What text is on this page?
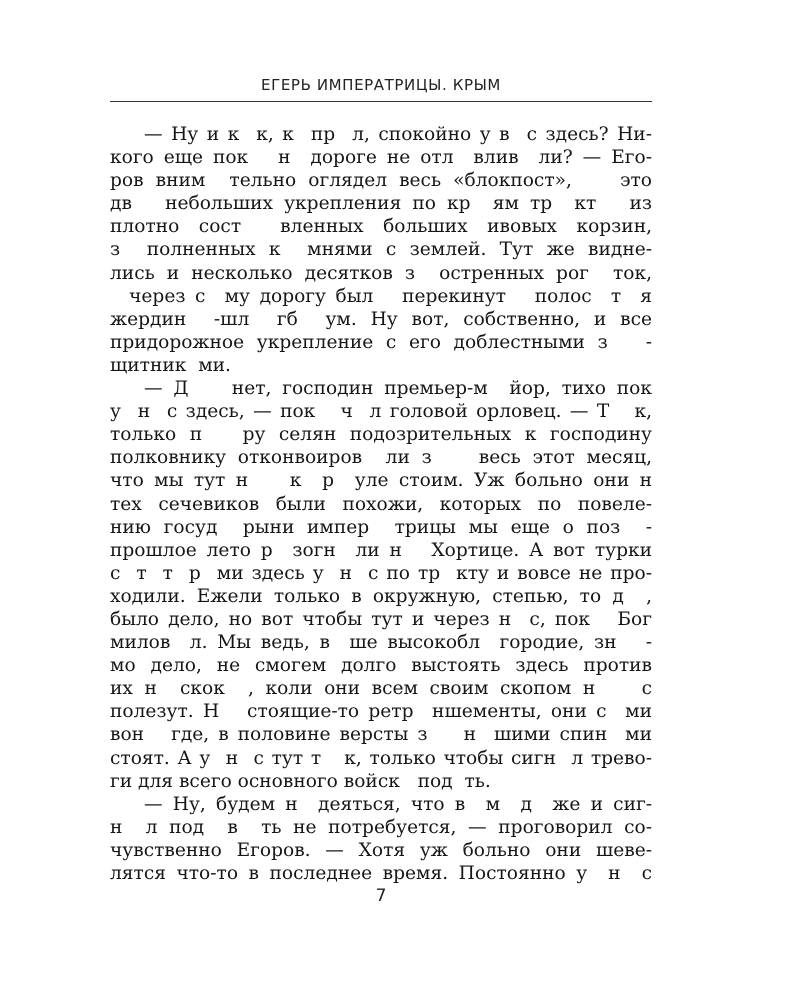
ЕГЕРЬ ИМПЕРАТРИЦЫ. КРЫМ
— Ну и к  к, к  пр  л, спокойно у в  с здесь? Ни-
кого еще пок   н  дороге не отл  влив  ли? — Его-
ров вним  тельно оглядел весь «блокпост»,    это
дв   небольших укрепления по кр  ям тр  кт   из
плотно сост  вленных больших ивовых корзин,
з  полненных к  мнями с землей. Тут же видне-
лись и несколько десятков з  остренных рог  ток,
через с  му дорогу был   перекинут   полос  т  я
жердин  -шл  гб  ум. Ну вот, собственно, и все
придорожное укрепление с его доблестными з   -
щитник  ми.
— Д    нет, господин премьер-м  йор, тихо пок
у  н  с здесь, — пок   ч  л головой орловец. — Т   к,
только п   ру селян подозрительных к господину
полковнику отконвоиров  ли з    весь этот месяц,
что мы тут н    к  р  уле стоим. Уж больно они н
тех сечевиков были похожи, которых по повеле-
нию госуд  рыни импер  трицы мы еще о поз  -
прошлое лето р  зогн  ли н   Хортице. А вот турки
с  т  т  р  ми здесь у  н  с по тр  кту и вовсе не про-
ходили. Ежели только в окружную, степью, то д  ,
было дело, но вот чтобы тут и через н  с, пок   Бог
милов  л. Мы ведь, в  ше высокобл  городие, зн   -
мо дело, не смогем долго выстоять здесь против
их н  скок  , коли они всем своим скопом н    с
полезут. Н   стоящие-то ретр  ншементы, они с  ми
вон   где, в половине версты з    н  шими спин  ми
стоят. А у  н  с тут т   к, только чтобы сигн  л трево-
ги для всего основного войск   под  ть.
— Ну, будем н  деяться, что в  м  д  же и сиг-
н  л под  в  ть не потребуется, — проговорил со-
чувственно Егоров. — Хотя уж больно они шеве-
лятся что-то в последнее время. Постоянно у  н  с
7
